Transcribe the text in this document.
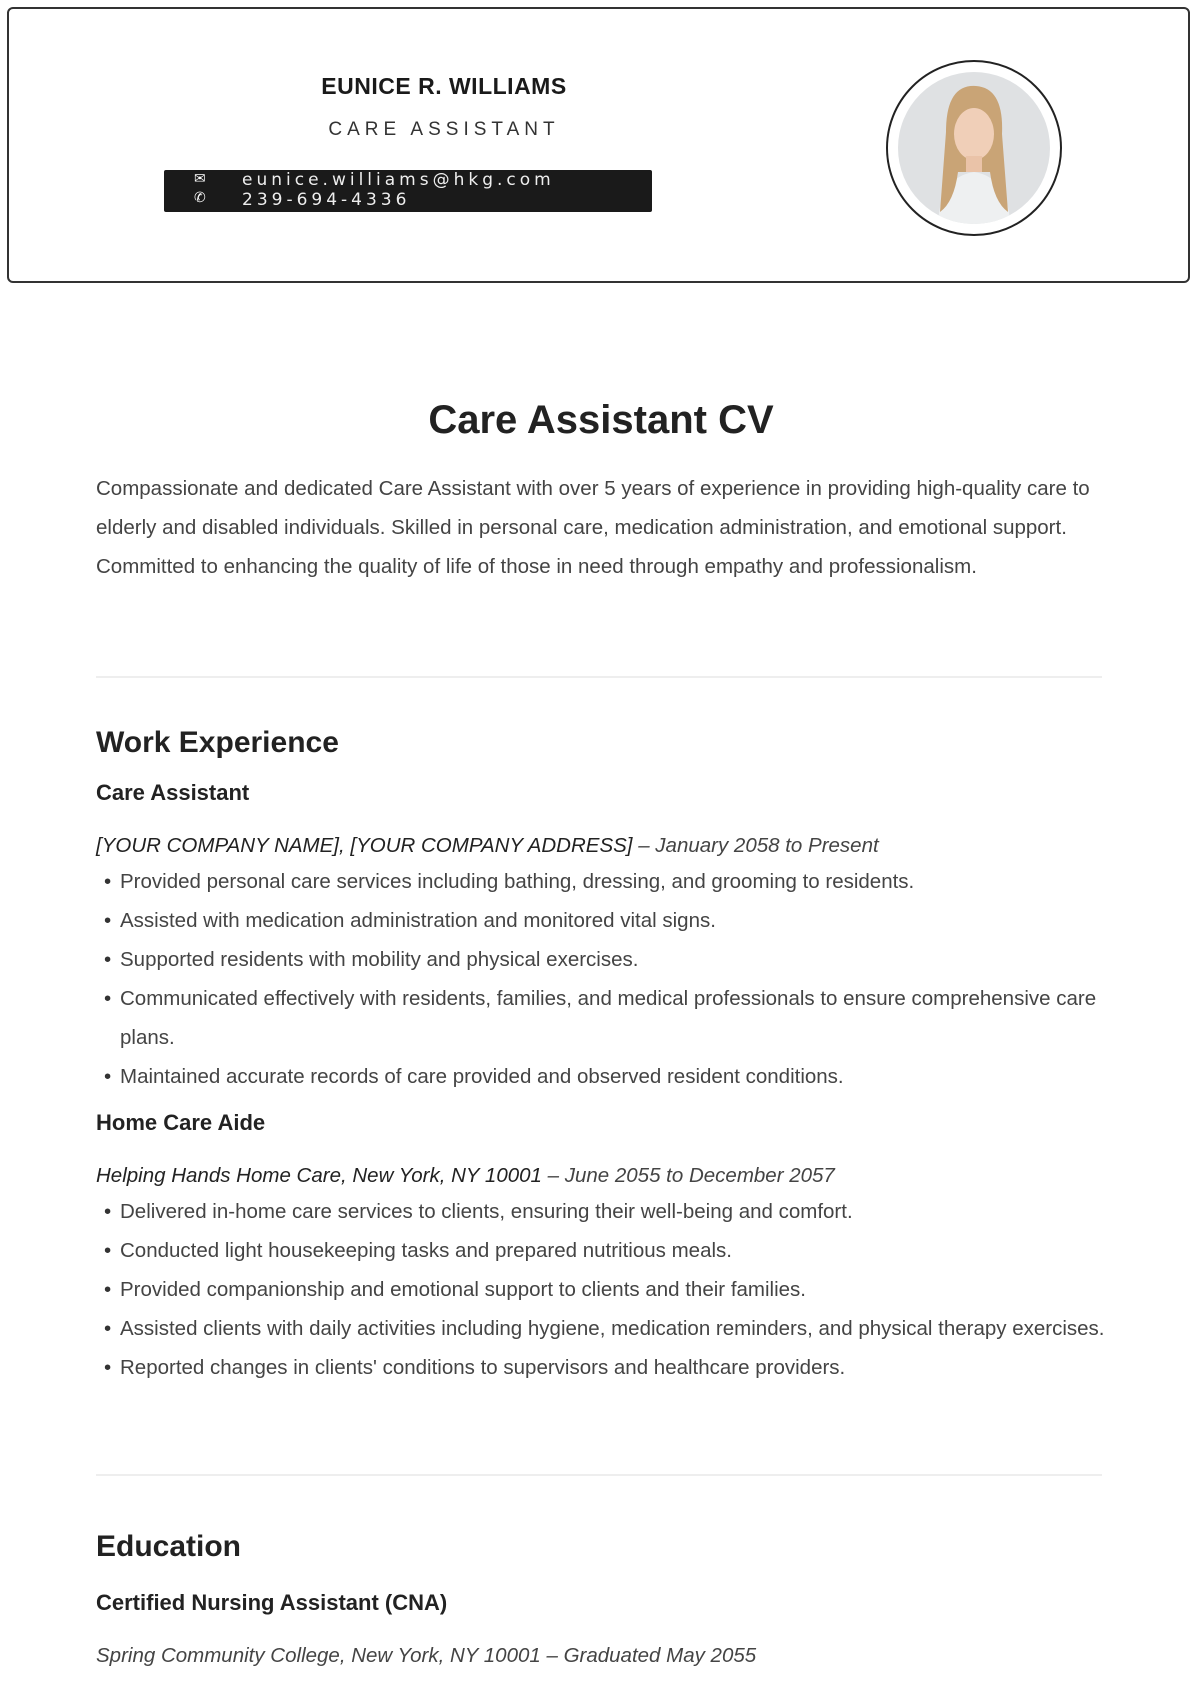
EUNICE R. WILLIAMS
CARE ASSISTANT
✉ eunice.williams@hkg.com
✆ 239-694-4336
Care Assistant CV
Compassionate and dedicated Care Assistant with over 5 years of experience in providing high-quality care to elderly and disabled individuals. Skilled in personal care, medication administration, and emotional support. Committed to enhancing the quality of life of those in need through empathy and professionalism.
Work Experience
Care Assistant
[YOUR COMPANY NAME], [YOUR COMPANY ADDRESS] – January 2058 to Present
• Provided personal care services including bathing, dressing, and grooming to residents.
• Assisted with medication administration and monitored vital signs.
• Supported residents with mobility and physical exercises.
• Communicated effectively with residents, families, and medical professionals to ensure comprehensive care plans.
• Maintained accurate records of care provided and observed resident conditions.
Home Care Aide
Helping Hands Home Care, New York, NY 10001 – June 2055 to December 2057
• Delivered in-home care services to clients, ensuring their well-being and comfort.
• Conducted light housekeeping tasks and prepared nutritious meals.
• Provided companionship and emotional support to clients and their families.
• Assisted clients with daily activities including hygiene, medication reminders, and physical therapy exercises.
• Reported changes in clients' conditions to supervisors and healthcare providers.
Education
Certified Nursing Assistant (CNA)
Spring Community College, New York, NY 10001 – Graduated May 2055
